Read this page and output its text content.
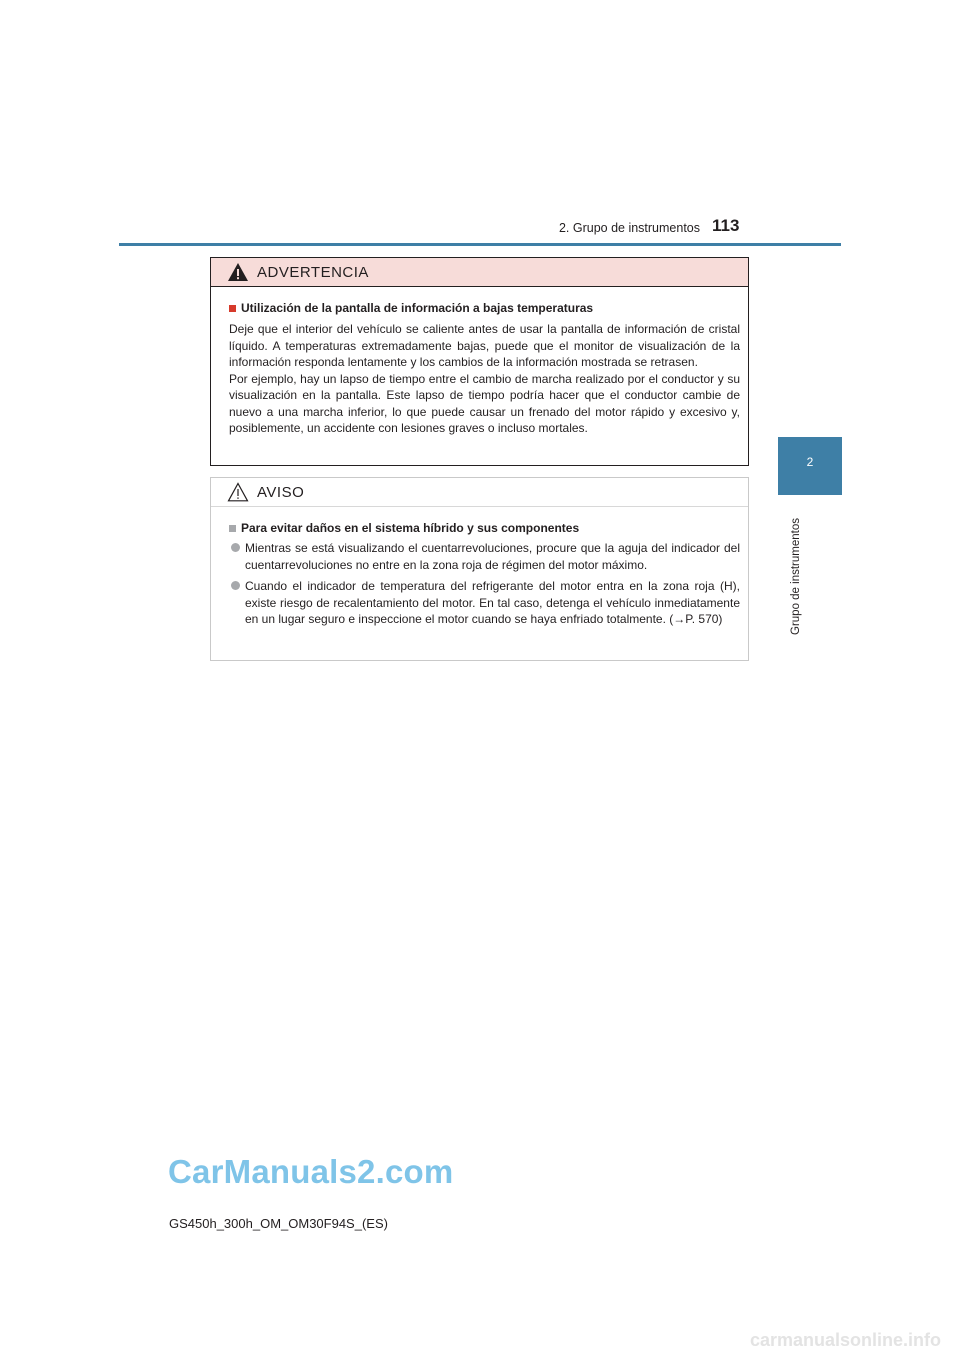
2. Grupo de instrumentos 113
2
Grupo de instrumentos
ADVERTENCIA
Utilización de la pantalla de información a bajas temperaturas

Deje que el interior del vehículo se caliente antes de usar la pantalla de información de cristal líquido. A temperaturas extremadamente bajas, puede que el monitor de visualización de la información responda lentamente y los cambios de la información mostrada se retrasen.

Por ejemplo, hay un lapso de tiempo entre el cambio de marcha realizado por el conductor y su visualización en la pantalla. Este lapso de tiempo podría hacer que el conductor cambie de nuevo a una marcha inferior, lo que puede causar un frenado del motor rápido y excesivo y, posiblemente, un accidente con lesiones graves o incluso mortales.

AVISO
Para evitar daños en el sistema híbrido y sus componentes
Mientras se está visualizando el cuentarrevoluciones, procure que la aguja del indicador del cuentarrevoluciones no entre en la zona roja de régimen del motor máximo.
Cuando el indicador de temperatura del refrigerante del motor entra en la zona roja (H), existe riesgo de recalentamiento del motor. En tal caso, detenga el vehículo inmediatamente en un lugar seguro e inspeccione el motor cuando se haya enfriado totalmente. (→P. 570)
CarManuals2.com
GS450h_300h_OM_OM30F94S_(ES)
carmanualsonline.info
